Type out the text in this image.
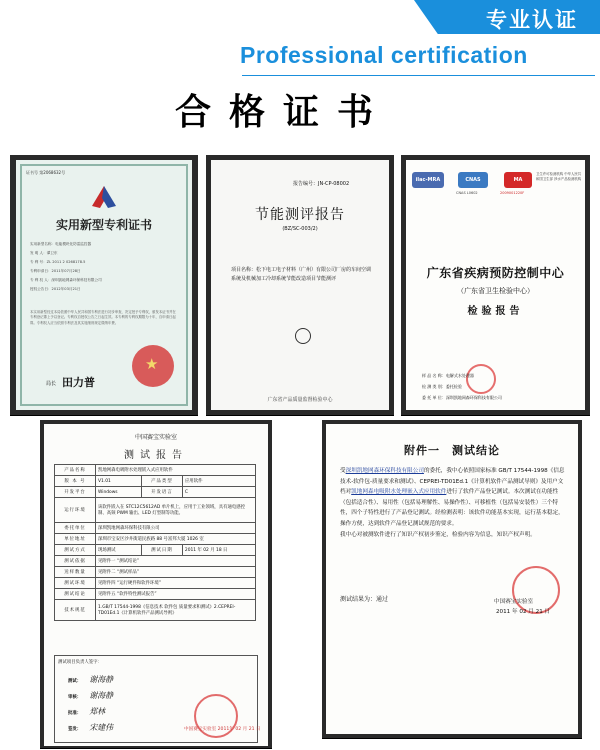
专业认证
Professional certification
合格证书
证书号 第2068632号
实用新型专利证书
实用新型名称：电能模块化防雷监控器
发 明 人：谭卫东
专 利 号：ZL 2011 2 0268178.5
专利申请日：2011年07月28日
专 利 权 人：深圳凯地网森环保科技有限公司
授权公告日：2012年03月21日
本实用新型经过本局依照中华人民共和国专利法进行初步审查，决定授予专利权，颁发本证书并在专利登记簿上予以登记。专利权自授权公告之日起生效。本专利的专利权期限为十年，自申请日起算。专利权人应当依照专利法及其实施细则规定缴纳年费。
★
局长 田力普
报告编号：JN-CP-08002
节能测评报告
(BZ/SC-003/2)
项目名称：松下电工电子材料（广州）有限公司厂房的车间空调系统及机械加工冷却系统节能改造项目节能测评
广东省产品质量监督检验中心
ilac-MRA	CNAS	MA
CNAS L0602	2009001220F
卫生许可检测机构 中华人民共和国卫生部 涉水产品检测机构
广东省疾病预防控制中心
（广东省卫生检验中心）
检验报告
样 品 名 称：电解式水处理器
检 测 类 别：委托检验
委 托 单 位：深圳凯地网森环保科技有限公司
中国赛宝实验室
测试报告
产品名称	凯地网森电吸附水处理嵌入式应用软件		
版 本 号	V1.01	产品类型	应用软件
开发平台	Windows	开发语言	C
运行环境	该软件嵌入在 STC12C5612AD 单片机上，应用于工业领域，具有通电感控制、高频 PWM 输出、LED 灯型制等功能。		
委托单位	深圳凯地网森环保科技有限公司		
单位地址	深圳市宝安区沙井街道民族路 88 号富邦大厦 1026 室		
测试方式	现场测试	测试日期	2011 年 02 月 18 日
测试依据	见附件一 “测试结论”		
送样数量	见附件二 “测试样品”		
测试环境	见附件四 “运行硬件和软件环境”		
测试结论	见附件五 “软件特性测试报告”		
技术规范	1.GB/T 17544-1998《信息技术 软件包 质量要求和测试》2.CEPREI-TD01Ed.1《计算机软件产品测试导则》		
测试项目负责人签字：
测试： 谢海静
审核： 谢海静
批准： 郑林
签发： 宋建伟	中国赛宝实验室 2011年 02 月 21 日
附件一　测试结论
受深圳凯地网森环保科技有限公司的委托，我中心依照国家标准 GB/T 17544-1998《信息技术-软件包-质量要求和测试》、CEPREI-TD01Ed.1《计算机软件产品测试导则》及用户文档对凯地网森电吸附水处理嵌入式应用软件进行了软件产品登记测试。本次测试在功能性（包括适合性）、易用性（包括易理解性、易操作性）、可移植性（包括易安装性）三个特性，四个子特性进行了产品登记测试。经检测表明：该软件功能基本实现，运行基本稳定，操作方便，达到软件产品登记测试规范的要求。
我中心对被测软件进行了知识产权初步鉴定，检验内容为信息，知识产权声明。
测试结果为：通过	中国赛宝实验室
2011 年 02 月 21 日
